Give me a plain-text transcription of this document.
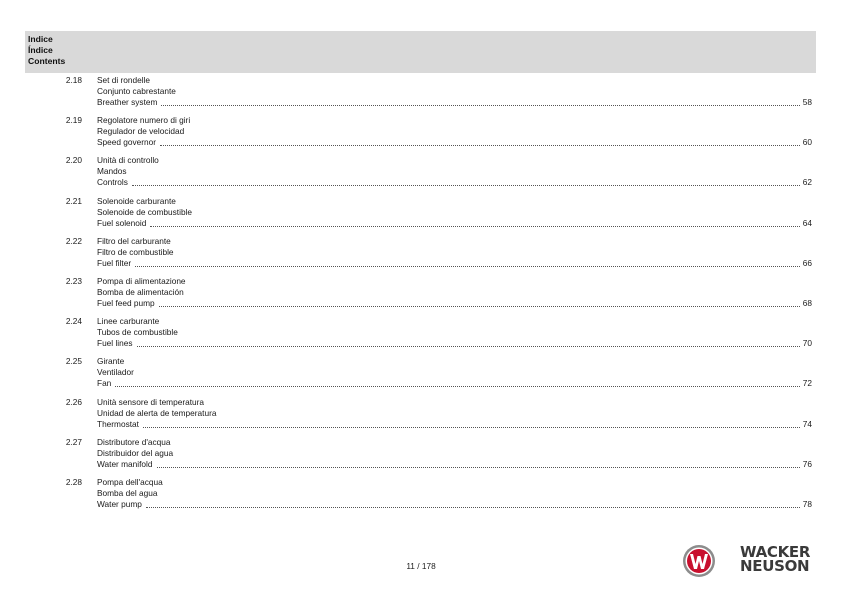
Indice
Índice
Contents
2.18 Set di rondelle
Conjunto cabrestante
Breather system	58
2.19 Regolatore numero di giri
Regulador de velocidad
Speed governor	60
2.20 Unità di controllo
Mandos
Controls	62
2.21 Solenoide carburante
Solenoide de combustible
Fuel solenoid	64
2.22 Filtro del carburante
Filtro de combustible
Fuel filter	66
2.23 Pompa di alimentazione
Bomba de alimentación
Fuel feed pump	68
2.24 Linee carburante
Tubos de combustible
Fuel lines	70
2.25 Girante
Ventilador
Fan	72
2.26 Unità sensore di temperatura
Unidad de alerta de temperatura
Thermostat	74
2.27 Distributore d'acqua
Distribuidor del agua
Water manifold	76
2.28 Pompa dell'acqua
Bomba del agua
Water pump	78
11 / 178
WACKER
NEUSON
